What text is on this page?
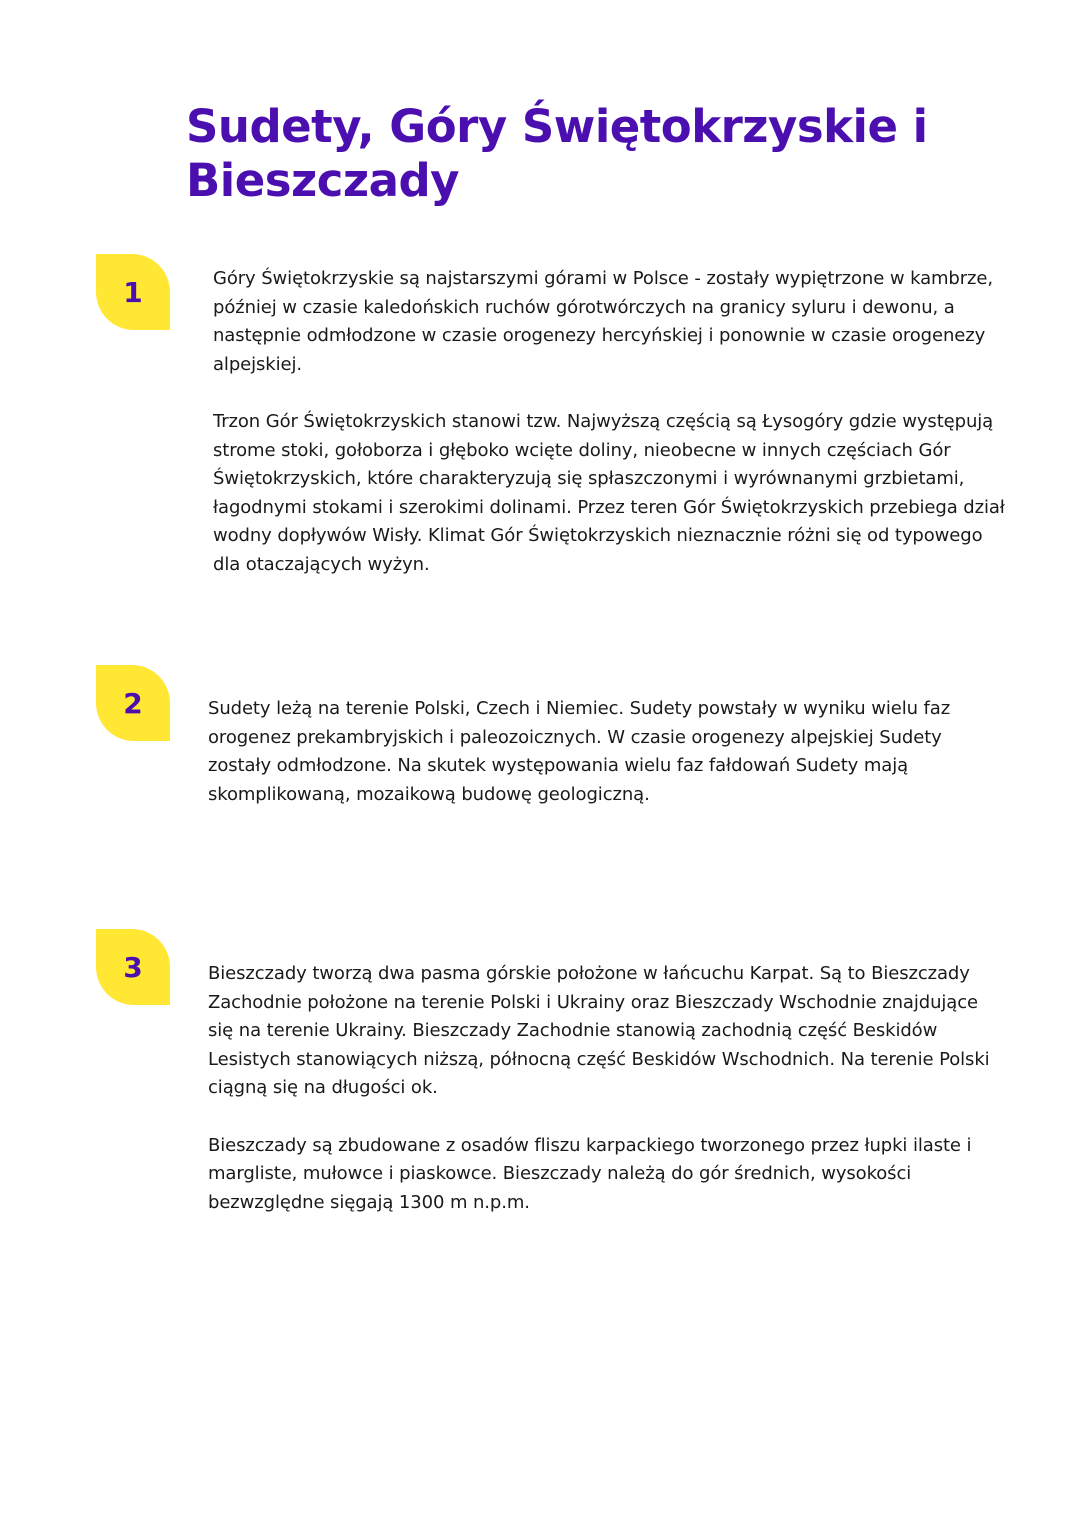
Sudety, Góry Świętokrzyskie i Bieszczady
1	Góry Świętokrzyskie są najstarszymi górami w Polsce - zostały wypiętrzone w kambrze, później w czasie kaledońskich ruchów górotwórczych na granicy syluru i dewonu, a następnie odmłodzone w czasie orogenezy hercyńskiej i ponownie w czasie orogenezy alpejskiej.

Trzon Gór Świętokrzyskich stanowi tzw. Najwyższą częścią są Łysogóry gdzie występują strome stoki, gołoborza i głęboko wcięte doliny, nieobecne w innych częściach Gór Świętokrzyskich, które charakteryzują się spłaszczonymi i wyrównanymi grzbietami, łagodnymi stokami i szerokimi dolinami. Przez teren Gór Świętokrzyskich przebiega dział wodny dopływów Wisły. Klimat Gór Świętokrzyskich nieznacznie różni się od typowego dla otaczających wyżyn.

2	Sudety leżą na terenie Polski, Czech i Niemiec. Sudety powstały w wyniku wielu faz orogenez prekambryjskich i paleozoicznych. W czasie orogenezy alpejskiej Sudety zostały odmłodzone. Na skutek występowania wielu faz fałdowań Sudety mają skomplikowaną, mozaikową budowę geologiczną.

3	Bieszczady tworzą dwa pasma górskie położone w łańcuchu Karpat. Są to Bieszczady Zachodnie położone na terenie Polski i Ukrainy oraz Bieszczady Wschodnie znajdujące się na terenie Ukrainy. Bieszczady Zachodnie stanowią zachodnią część Beskidów Lesistych stanowiących niższą, północną część Beskidów Wschodnich. Na terenie Polski ciągną się na długości ok.

Bieszczady są zbudowane z osadów fliszu karpackiego tworzonego przez łupki ilaste i margliste, mułowce i piaskowce. Bieszczady należą do gór średnich, wysokości bezwzględne sięgają 1300 m n.p.m.
